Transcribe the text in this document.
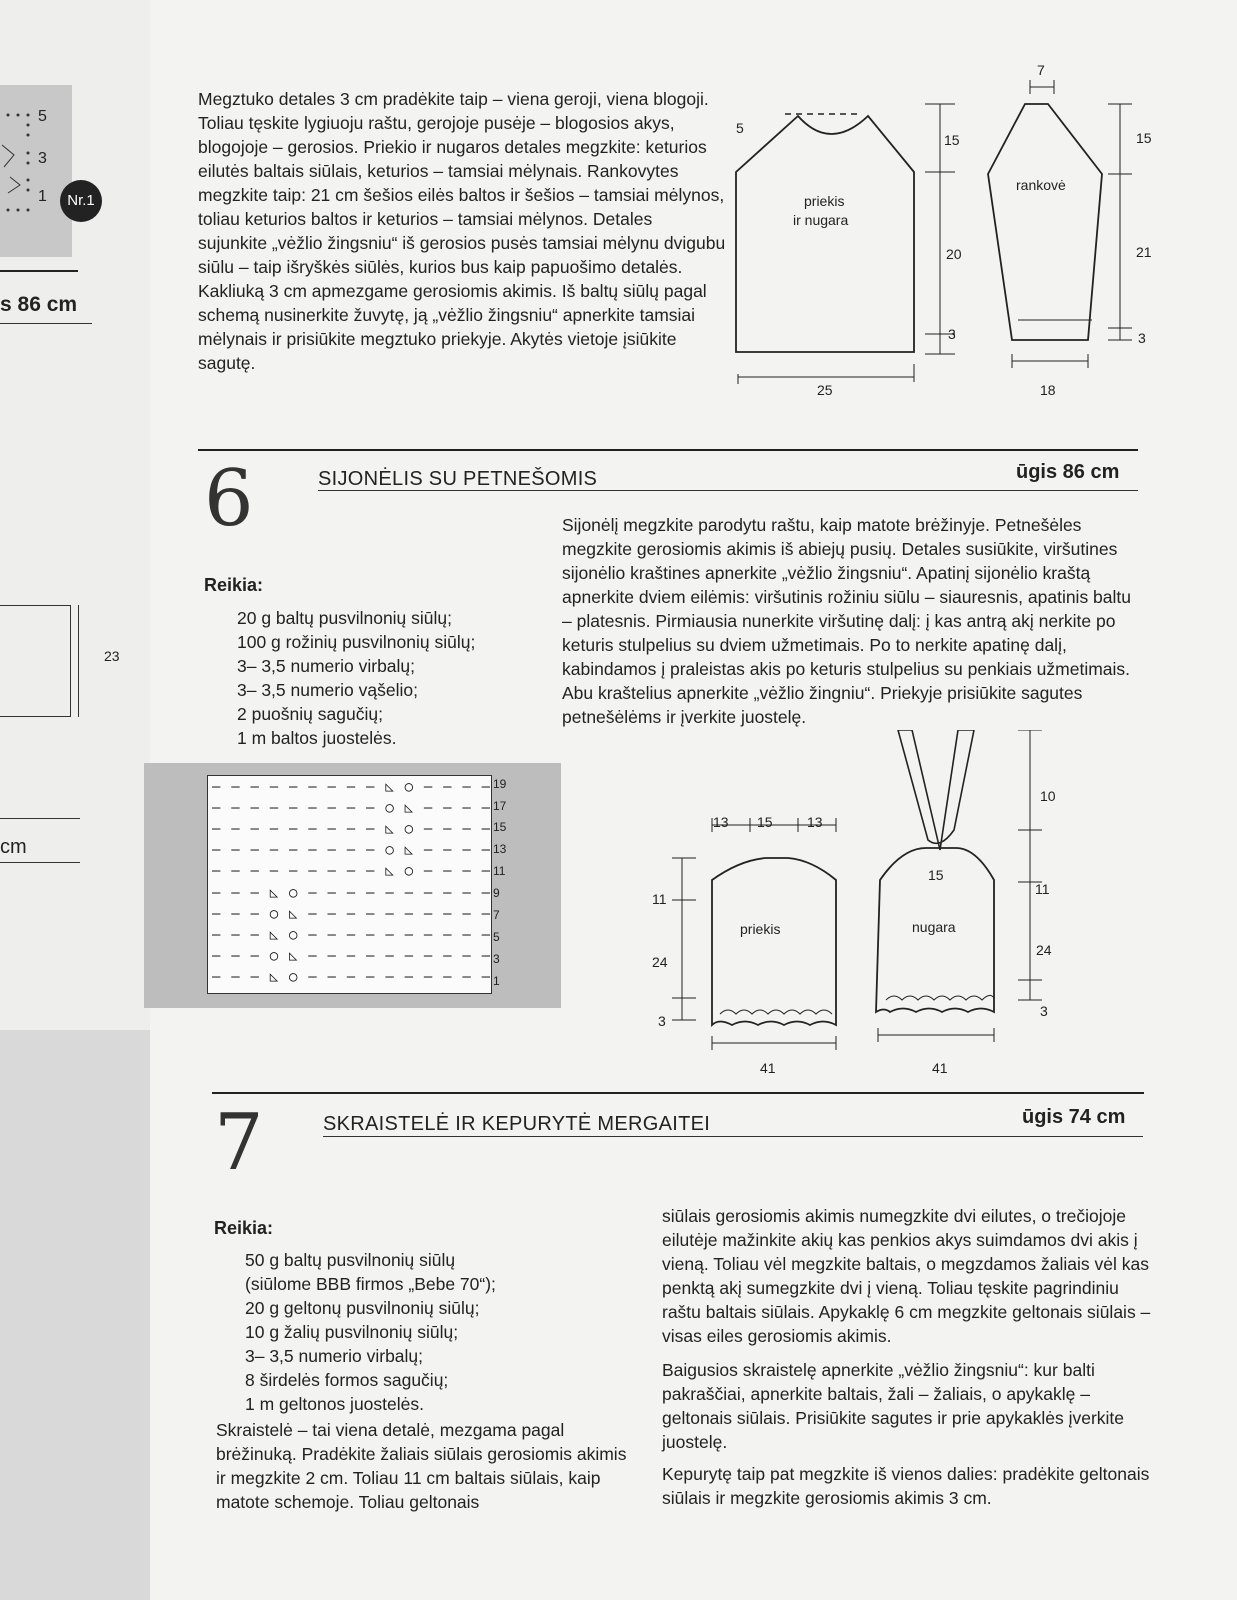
5
3
1	Nr.1
s 86 cm
23
cm

Megztuko detales 3 cm pradėkite taip – viena geroji, viena blogoji. Toliau tęskite lygiuoju raštu, gerojoje pusėje – blogosios akys, blogojoje – gerosios. Priekio ir nugaros detales megzkite: keturios eilutės baltais siūlais, keturios – tamsiai mėlynais. Rankovytes megzkite taip: 21 cm šešios eilės baltos ir šešios – tamsiai mėlynos, toliau keturios baltos ir keturios – tamsiai mėlynos. Detales sujunkite „vėžlio žingsniu“ iš gerosios pusės tamsiai mėlynu dvigubu siūlu – taip išryškės siūlės, kurios bus kaip papuošimo detalės. Kakliuką 3 cm apmezgame gerosiomis akimis. Iš baltų siūlų pagal schemą nusinerkite žuvytę, ją „vėžlio žingsniu“ apnerkite tamsiai mėlynais ir prisiūkite megztuko priekyje. Akytės vietoje įsiūkite sagutę.

5
priekis
ir nugara
15
20
3
25
7
rankovė
15
21
3
18
6	SIJONĖLIS SU PETNEŠOMIS	ūgis 86 cm
Reikia:

20 g baltų pusvilnonių siūlų;

100 g rožinių pusvilnonių siūlų;

3– 3,5 numerio virbalų;

3– 3,5 numerio vąšelio;

2 puošnių sagučių;

1 m baltos juostelės.

Sijonėlį megzkite parodytu raštu, kaip matote brėžinyje. Petnešėles megzkite gerosiomis akimis iš abiejų pusių. Detales susiūkite, viršutines sijonėlio kraštines apnerkite „vėžlio žingsniu“. Apatinį sijonėlio kraštą apnerkite dviem eilėmis: viršutinis rožiniu siūlu – siauresnis, apatinis baltu – platesnis. Pirmiausia nunerkite viršutinę dalį: į kas antrą akį nerkite po keturis stulpelius su dviem užmetimais. Po to nerkite apatinę dalį, kabindamos į praleistas akis po keturis stulpelius su penkiais užmetimais. Abu kraštelius apnerkite „vėžlio žingniu“. Priekyje prisiūkite sagutes petnešėlėms ir įverkite juostelę.

– – – – – – – – – ◺ ○ – – – –
– – – – – – – – – ○ ◺ – – – –
– – – – – – – – – ◺ ○ – – – –
– – – – – – – – – ○ ◺ – – – –
– – – – – – – – – ◺ ○ – – – –
– – – ◺ ○ – – – – – – – – – –
– – – ○ ◺ – – – – – – – – – –
– – – ◺ ○ – – – – – – – – – –
– – – ○ ◺ – – – – – – – – – –
– – – ◺ ○ – – – – – – – – – –
19
17
15
13
11
9
7
5
3
1
13 15 13
11
priekis
24
3
41
10
15
11
nugara
24
3
41
7	SKRAISTELĖ IR KEPURYTĖ MERGAITEI	ūgis 74 cm
Reikia:

50 g baltų pusvilnonių siūlų

(siūlome BBB firmos „Bebe 70“);

20 g geltonų pusvilnonių siūlų;

10 g žalių pusvilnonių siūlų;

3– 3,5 numerio virbalų;

8 širdelės formos sagučių;

1 m geltonos juostelės.

Skraistelė – tai viena detalė, mezgama pagal brėžinuką. Pradėkite žaliais siūlais gerosiomis akimis ir megzkite 2 cm. Toliau 11 cm baltais siūlais, kaip matote schemoje. Toliau geltonais

siūlais gerosiomis akimis numegzkite dvi eilutes, o trečiojoje eilutėje mažinkite akių kas penkios akys suimdamos dvi akis į vieną. Toliau vėl megzkite baltais, o megzdamos žaliais vėl kas penktą akį sumegzkite dvi į vieną. Toliau tęskite pagrindiniu raštu baltais siūlais. Apykaklę 6 cm megzkite geltonais siūlais – visas eiles gerosiomis akimis.

Baigusios skraistelę apnerkite „vėžlio žingsniu“: kur balti pakraščiai, apnerkite baltais, žali – žaliais, o apykaklę – geltonais siūlais. Prisiūkite sagutes ir prie apykaklės įverkite juostelę.

Kepurytę taip pat megzkite iš vienos dalies: pradėkite geltonais siūlais ir megzkite gerosiomis akimis 3 cm.
